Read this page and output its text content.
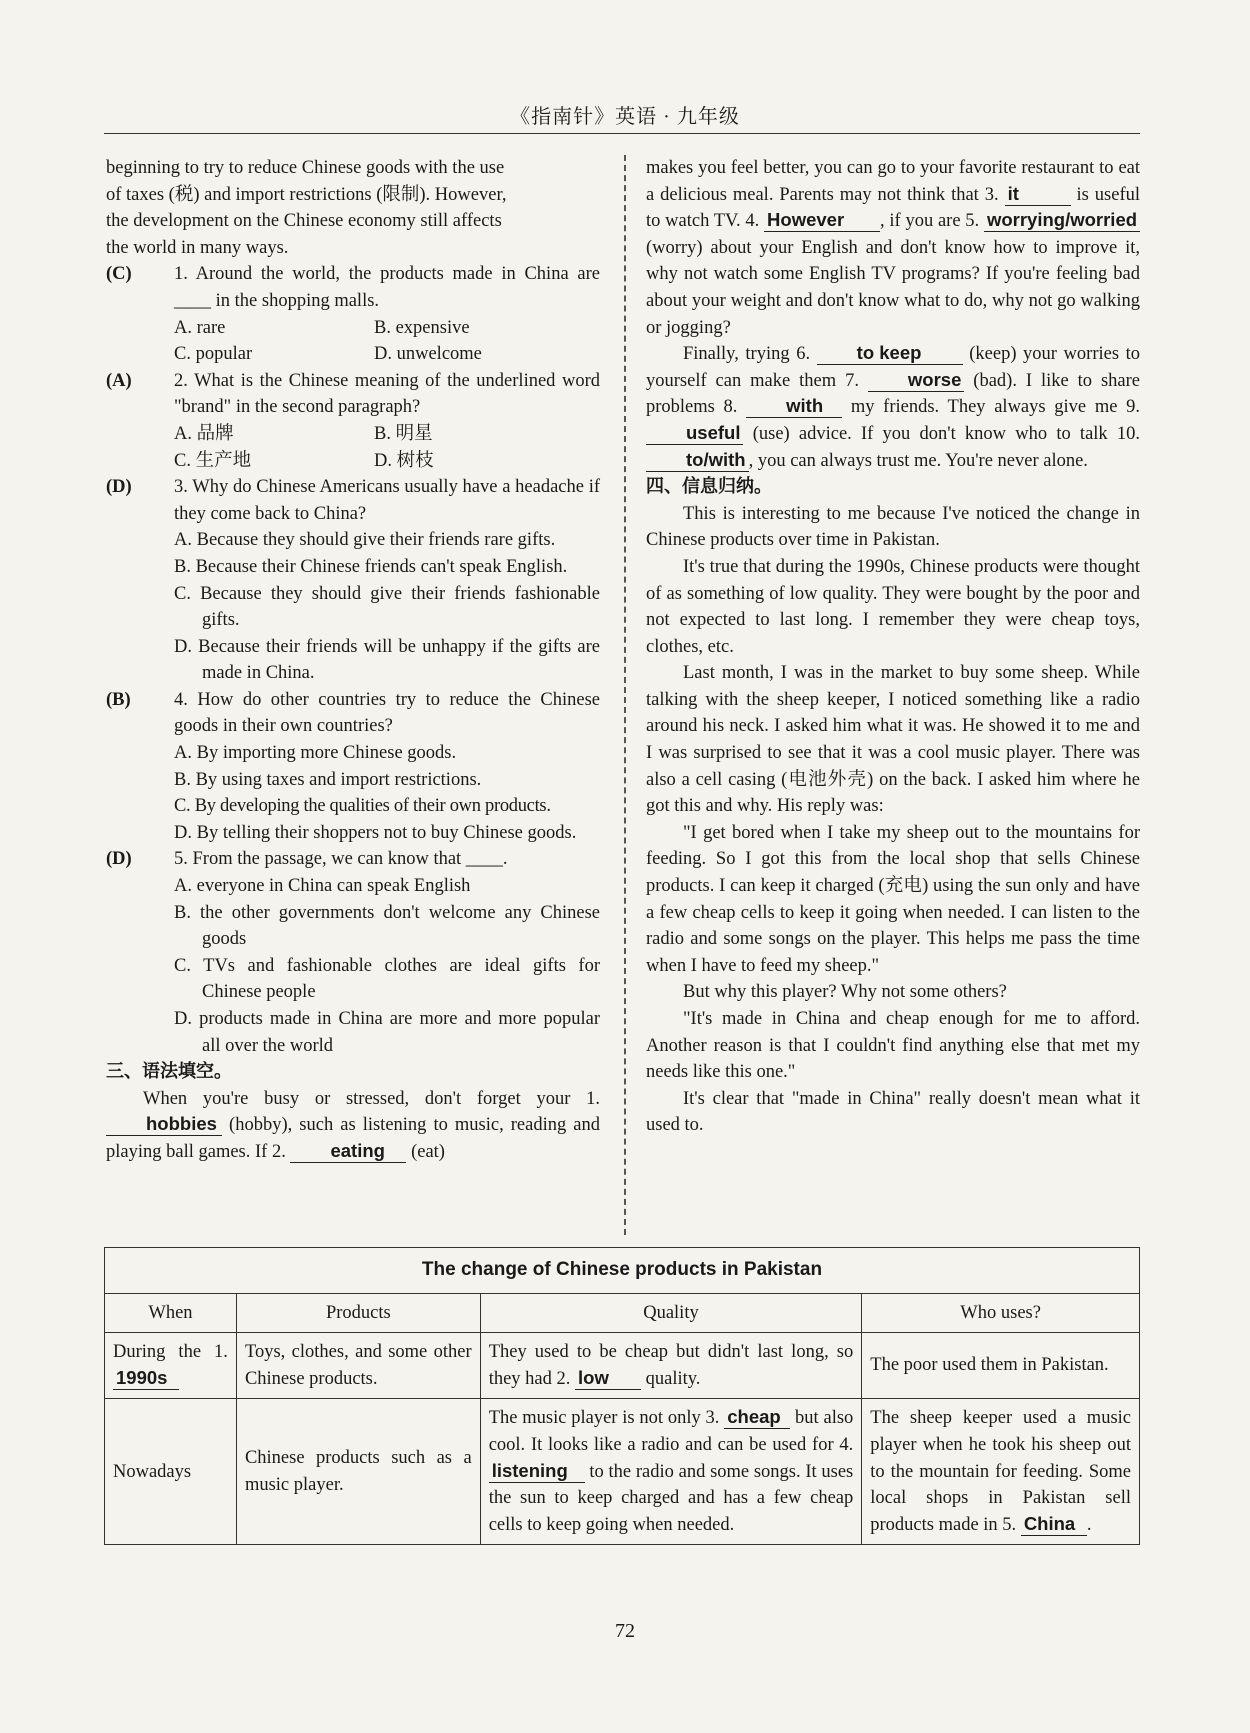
《指南针》英语 · 九年级

beginning to try to reduce Chinese goods with the use

of taxes (税) and import restrictions (限制). However,

the development on the Chinese economy still affects

the world in many ways.

(C)	1. Around the world, the products made in China are ____ in the shopping malls.
A. rare	B. expensive
C. popular	D. unwelcome
(A)	2. What is the Chinese meaning of the underlined word "brand" in the second paragraph?
A. 品牌	B. 明星
C. 生产地	D. 树枝
(D)	3. Why do Chinese Americans usually have a headache if they come back to China?

A. Because they should give their friends rare gifts.

B. Because their Chinese friends can't speak English.

C. Because they should give their friends fashionable gifts.

D. Because their friends will be unhappy if the gifts are made in China.

(B)	4. How do other countries try to reduce the Chinese goods in their own countries?

A. By importing more Chinese goods.

B. By using taxes and import restrictions.

C. By developing the qualities of their own products.

D. By telling their shoppers not to buy Chinese goods.

(D)	5. From the passage, we can know that ____.

A. everyone in China can speak English

B. the other governments don't welcome any Chinese goods

C. TVs and fashionable clothes are ideal gifts for Chinese people

D. products made in China are more and more popular all over the world

三、语法填空。

When you're busy or stressed, don't forget your 1. hobbies (hobby), such as listening to music, reading and playing ball games. If 2. eating (eat)

makes you feel better, you can go to your favorite restaurant to eat a delicious meal. Parents may not think that 3. it	is useful to watch TV. 4. However , if you are 5. worrying/worried (worry) about your English and don't know how to improve it, why not watch some English TV programs? If you're feeling bad about your weight and don't know what to do, why not go walking or jogging?

Finally, trying 6.	to keep	(keep) your worries to yourself can make them 7.	worse (bad). I like to share problems 8.	with my friends. They always give me 9. useful (use) advice. If you don't know who to talk 10. to/with , you can always trust me. You're never alone.

四、信息归纳。

This is interesting to me because I've noticed the change in Chinese products over time in Pakistan.

It's true that during the 1990s, Chinese products were thought of as something of low quality. They were bought by the poor and not expected to last long. I remember they were cheap toys, clothes, etc.

Last month, I was in the market to buy some sheep. While talking with the sheep keeper, I noticed something like a radio around his neck. I asked him what it was. He showed it to me and I was surprised to see that it was a cool music player. There was also a cell casing (电池外壳) on the back. I asked him where he got this and why. His reply was:

"I get bored when I take my sheep out to the mountains for feeding. So I got this from the local shop that sells Chinese products. I can keep it charged (充电) using the sun only and have a few cheap cells to keep it going when needed. I can listen to the radio and some songs on the player. This helps me pass the time when I have to feed my sheep."

But why this player? Why not some others?

"It's made in China and cheap enough for me to afford. Another reason is that I couldn't find anything else that met my needs like this one."

It's clear that "made in China" really doesn't mean what it used to.

The change of Chinese products in Pakistan			
When	Products	Quality	Who uses?
During the 1. 1990s	Toys, clothes, and some other Chinese products.	They used to be cheap but didn't last long, so they had 2. low quality.	The poor used them in Pakistan.
Nowadays	Chinese products such as a music player.	The music player is not only 3. cheap but also cool. It looks like a radio and can be used for 4. listening to the radio and some songs. It uses the sun to keep charged and has a few cheap cells to keep going when needed.	The sheep keeper used a music player when he took his sheep out to the mountain for feeding. Some local shops in Pakistan sell products made in 5. China .
72
